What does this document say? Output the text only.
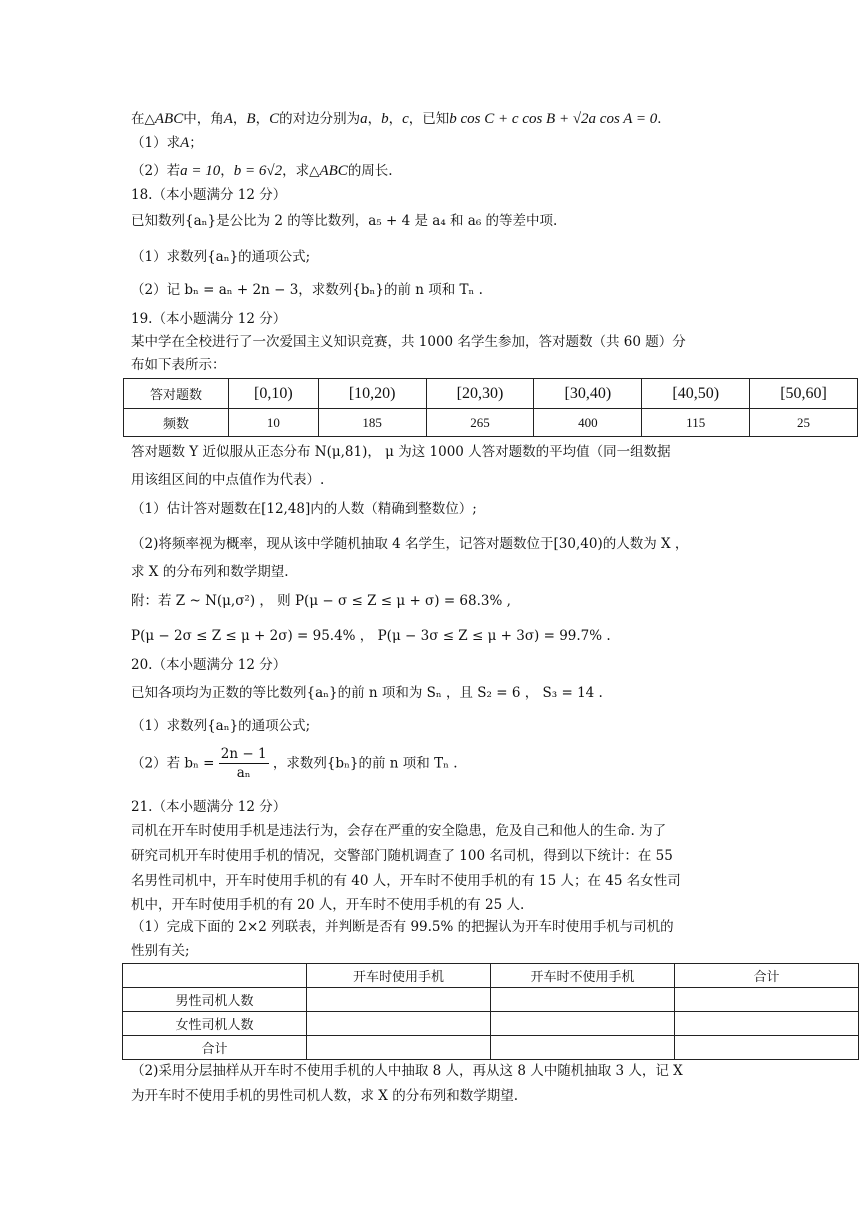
在△ABC中，角A，B，C的对边分别为a，b，c，已知b cos C + c cos B + √2a cos A = 0．
（1）求A；
（2）若a = 10，b = 6√2，求△ABC的周长.
18.（本小题满分 12 分）
已知数列{aₙ}是公比为 2 的等比数列，a₅ + 4 是 a₄ 和 a₆ 的等差中项.
（1）求数列{aₙ}的通项公式;
（2）记 bₙ = aₙ + 2n − 3，求数列{bₙ}的前 n 项和 Tₙ .
19.（本小题满分 12 分）
某中学在全校进行了一次爱国主义知识竞赛，共 1000 名学生参加，答对题数（共 60 题）分
布如下表所示：
答对题数	[0,10)	[10,20)	[20,30)	[30,40)	[40,50)	[50,60]
频数	10	185	265	400	115	25
答对题数 Y 近似服从正态分布 N(μ,81)， μ 为这 1000 人答对题数的平均值（同一组数据
用该组区间的中点值作为代表）.
（1）估计答对题数在[12,48]内的人数（精确到整数位）;
（2)将频率视为概率，现从该中学随机抽取 4 名学生，记答对题数位于[30,40)的人数为 X ，
求 X 的分布列和数学期望.
附：若 Z ~ N(μ,σ²) ， 则 P(μ − σ ≤ Z ≤ μ + σ) = 68.3% ,
P(μ − 2σ ≤ Z ≤ μ + 2σ) = 95.4% ， P(μ − 3σ ≤ Z ≤ μ + 3σ) = 99.7% .
20.（本小题满分 12 分）
已知各项均为正数的等比数列{aₙ}的前 n 项和为 Sₙ ，且 S₂ = 6 ， S₃ = 14 .
（1）求数列{aₙ}的通项公式;
（2）若 $b_n = \frac{2n - 1}{\text{aₙ}}$ ，求数列{bₙ}的前 n 项和 Tₙ .
21.（本小题满分 12 分）
司机在开车时使用手机是违法行为，会存在严重的安全隐患，危及自己和他人的生命. 为了
研究司机开车时使用手机的情况，交警部门随机调查了 100 名司机，得到以下统计：在 55
名男性司机中，开车时使用手机的有 40 人，开车时不使用手机的有 15 人；在 45 名女性司
机中，开车时使用手机的有 20 人，开车时不使用手机的有 25 人.
（1）完成下面的 2×2 列联表，并判断是否有 99.5% 的把握认为开车时使用手机与司机的
性别有关;
	开车时使用手机	开车时不使用手机	合计
男性司机人数			
女性司机人数			
合计			
（2)采用分层抽样从开车时不使用手机的人中抽取 8 人，再从这 8 人中随机抽取 3 人，记 X
为开车时不使用手机的男性司机人数，求 X 的分布列和数学期望.
